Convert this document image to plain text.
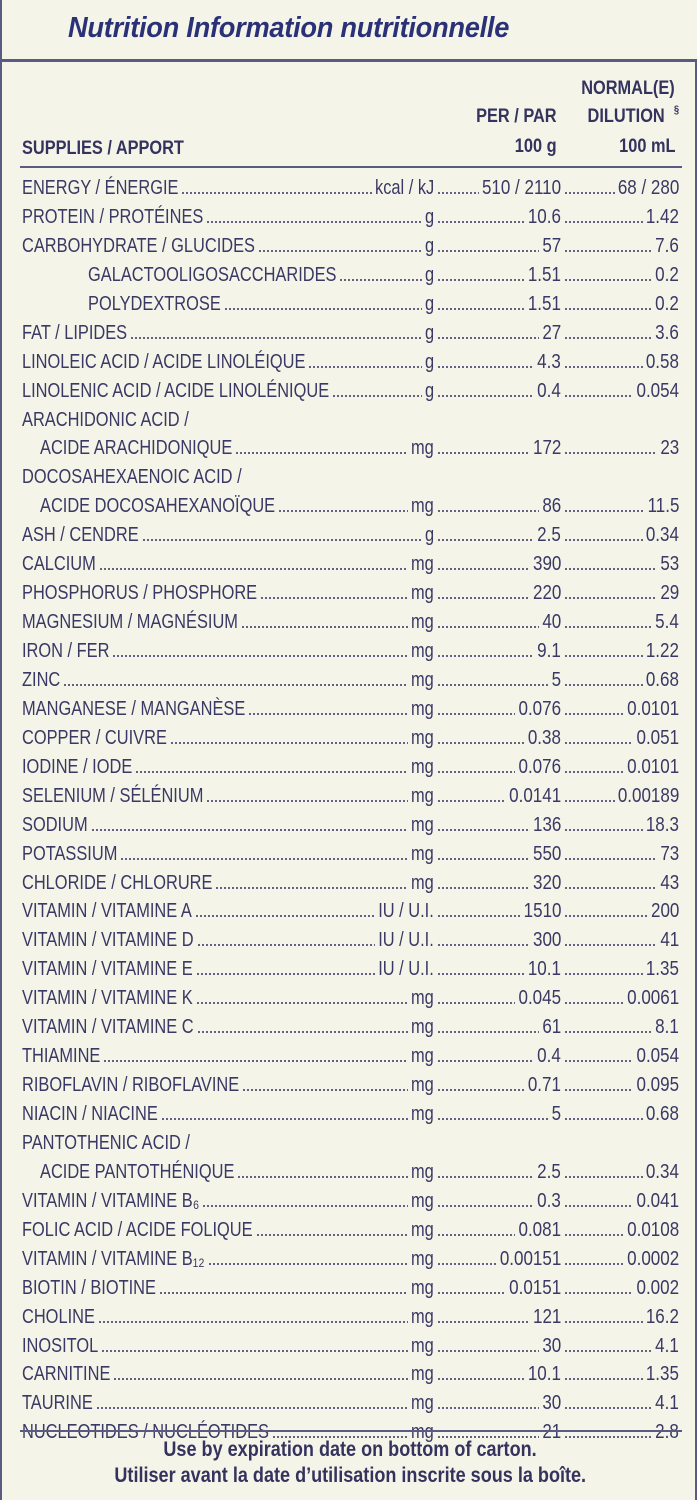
Nutrition Information nutritionnelle
NORMAL(E)
DILUTION §
100 mL
PER / PAR
100 g
SUPPLIES / APPORT
ENERGY / ÉNERGIE	kcal / kJ 510 / 2110	68 / 280
PROTEIN / PROTÉINES	g	10.6	1.42
CARBOHYDRATE / GLUCIDES	g	57	7.6
GALACTOOLIGOSACCHARIDES	g	1.51	0.2
POLYDEXTROSE	g	1.51	0.2
FAT / LIPIDES	g	27	3.6
LINOLEIC ACID / ACIDE LINOLÉIQUE	g	4.3	0.58
LINOLENIC ACID / ACIDE LINOLÉNIQUE	g	0.4	0.054
ARACHIDONIC ACID /
ACIDE ARACHIDONIQUE	mg	172	23
DOCOSAHEXAENOIC ACID /
ACIDE DOCOSAHEXANOÏQUE	mg	86	11.5
ASH / CENDRE	g	2.5	0.34
CALCIUM	mg	390	53
PHOSPHORUS / PHOSPHORE	mg	220	29
MAGNESIUM / MAGNÉSIUM	mg	40	5.4
IRON / FER	mg	9.1	1.22
ZINC	mg	5	0.68
MANGANESE / MANGANÈSE	mg	0.076	0.0101
COPPER / CUIVRE	mg	0.38	0.051
IODINE / IODE	mg	0.076	0.0101
SELENIUM / SÉLÉNIUM	mg	0.0141	0.00189
SODIUM	mg	136	18.3
POTASSIUM	mg	550	73
CHLORIDE / CHLORURE	mg	320	43
VITAMIN / VITAMINE A	IU / U.I.	1510	200
VITAMIN / VITAMINE D	IU / U.I.	300	41
VITAMIN / VITAMINE E	IU / U.I.	10.1	1.35
VITAMIN / VITAMINE K	mg	0.045	0.0061
VITAMIN / VITAMINE C	mg	61	8.1
THIAMINE	mg	0.4	0.054
RIBOFLAVIN / RIBOFLAVINE	mg	0.71	0.095
NIACIN / NIACINE	mg	5	0.68
PANTOTHENIC ACID /
ACIDE PANTOTHÉNIQUE	mg	2.5	0.34
VITAMIN / VITAMINE B₆	mg	0.3	0.041
FOLIC ACID / ACIDE FOLIQUE	mg	0.081	0.0108
VITAMIN / VITAMINE B₁₂	mg	0.00151	0.0002
BIOTIN / BIOTINE	mg	0.0151	0.002
CHOLINE	mg	121	16.2
INOSITOL	mg	30	4.1
CARNITINE	mg	10.1	1.35
TAURINE	mg	30	4.1
NUCLEOTIDES / NUCLÉOTIDES	mg	21	2.8
Use by expiration date on bottom of carton.
Utiliser avant la date d’utilisation inscrite sous la boîte.
